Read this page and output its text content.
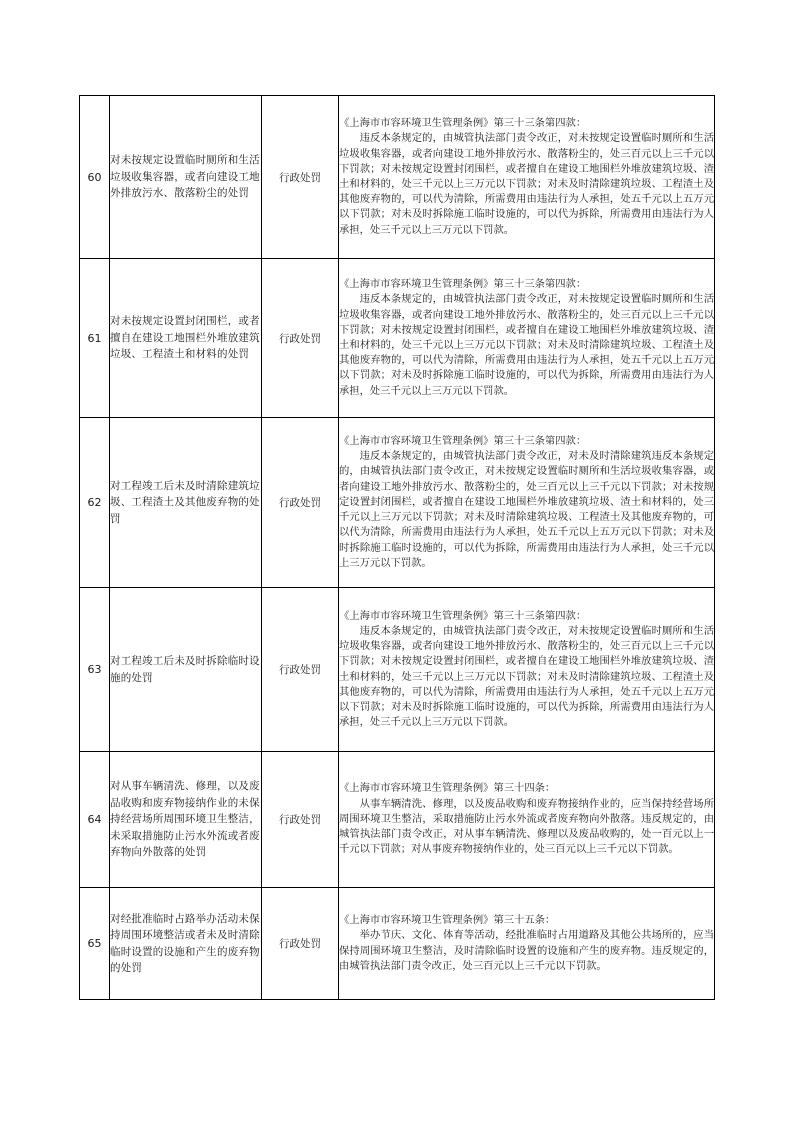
60	对未按规定设置临时厕所和生活垃圾收集容器，或者向建设工地外排放污水、散落粉尘的处罚	行政处罚	《上海市市容环境卫生管理条例》第三十三条第四款：
违反本条规定的，由城管执法部门责令改正，对未按规定设置临时厕所和生活垃圾收集容器，或者向建设工地外排放污水、散落粉尘的，处三百元以上三千元以下罚款；对未按规定设置封闭围栏，或者擅自在建设工地围栏外堆放建筑垃圾、渣土和材料的，处三千元以上三万元以下罚款；对未及时清除建筑垃圾、工程渣土及其他废弃物的，可以代为清除，所需费用由违法行为人承担，处五千元以上五万元以下罚款；对未及时拆除施工临时设施的，可以代为拆除，所需费用由违法行为人承担，处三千元以上三万元以下罚款。

61	对未按规定设置封闭围栏，或者擅自在建设工地围栏外堆放建筑垃圾、工程渣土和材料的处罚	行政处罚	《上海市市容环境卫生管理条例》第三十三条第四款：
违反本条规定的，由城管执法部门责令改正，对未按规定设置临时厕所和生活垃圾收集容器，或者向建设工地外排放污水、散落粉尘的，处三百元以上三千元以下罚款；对未按规定设置封闭围栏，或者擅自在建设工地围栏外堆放建筑垃圾、渣土和材料的，处三千元以上三万元以下罚款；对未及时清除建筑垃圾、工程渣土及其他废弃物的，可以代为清除，所需费用由违法行为人承担，处五千元以上五万元以下罚款；对未及时拆除施工临时设施的，可以代为拆除，所需费用由违法行为人承担，处三千元以上三万元以下罚款。

62	对工程竣工后未及时清除建筑垃圾、工程渣土及其他废弃物的处罚	行政处罚	《上海市市容环境卫生管理条例》第三十三条第四款：
违反本条规定的，由城管执法部门责令改正，对未及时清除建筑违反本条规定的，由城管执法部门责令改正，对未按规定设置临时厕所和生活垃圾收集容器，或者向建设工地外排放污水、散落粉尘的，处三百元以上三千元以下罚款；对未按规定设置封闭围栏，或者擅自在建设工地围栏外堆放建筑垃圾、渣土和材料的，处三千元以上三万元以下罚款；对未及时清除建筑垃圾、工程渣土及其他废弃物的，可以代为清除，所需费用由违法行为人承担，处五千元以上五万元以下罚款；对未及时拆除施工临时设施的，可以代为拆除，所需费用由违法行为人承担，处三千元以上三万元以下罚款。

63	对工程竣工后未及时拆除临时设施的处罚	行政处罚	《上海市市容环境卫生管理条例》第三十三条第四款：
违反本条规定的，由城管执法部门责令改正，对未按规定设置临时厕所和生活垃圾收集容器，或者向建设工地外排放污水、散落粉尘的，处三百元以上三千元以下罚款；对未按规定设置封闭围栏，或者擅自在建设工地围栏外堆放建筑垃圾、渣土和材料的，处三千元以上三万元以下罚款；对未及时清除建筑垃圾、工程渣土及其他废弃物的，可以代为清除，所需费用由违法行为人承担，处五千元以上五万元以下罚款；对未及时拆除施工临时设施的，可以代为拆除，所需费用由违法行为人承担，处三千元以上三万元以下罚款。

64	对从事车辆清洗、修理，以及废品收购和废弃物接纳作业的未保持经营场所周围环境卫生整洁，未采取措施防止污水外流或者废弃物向外散落的处罚	行政处罚	《上海市市容环境卫生管理条例》第三十四条：
从事车辆清洗、修理，以及废品收购和废弃物接纳作业的，应当保持经营场所周围环境卫生整洁，采取措施防止污水外流或者废弃物向外散落。违反规定的，由城管执法部门责令改正，对从事车辆清洗、修理以及废品收购的，处一百元以上一千元以下罚款；对从事废弃物接纳作业的，处三百元以上三千元以下罚款。

65	对经批准临时占路举办活动未保持周围环境整洁或者未及时清除临时设置的设施和产生的废弃物的处罚	行政处罚	《上海市市容环境卫生管理条例》第三十五条：
举办节庆、文化、体育等活动，经批准临时占用道路及其他公共场所的，应当保持周围环境卫生整洁，及时清除临时设置的设施和产生的废弃物。违反规定的，由城管执法部门责令改正，处三百元以上三千元以下罚款。
